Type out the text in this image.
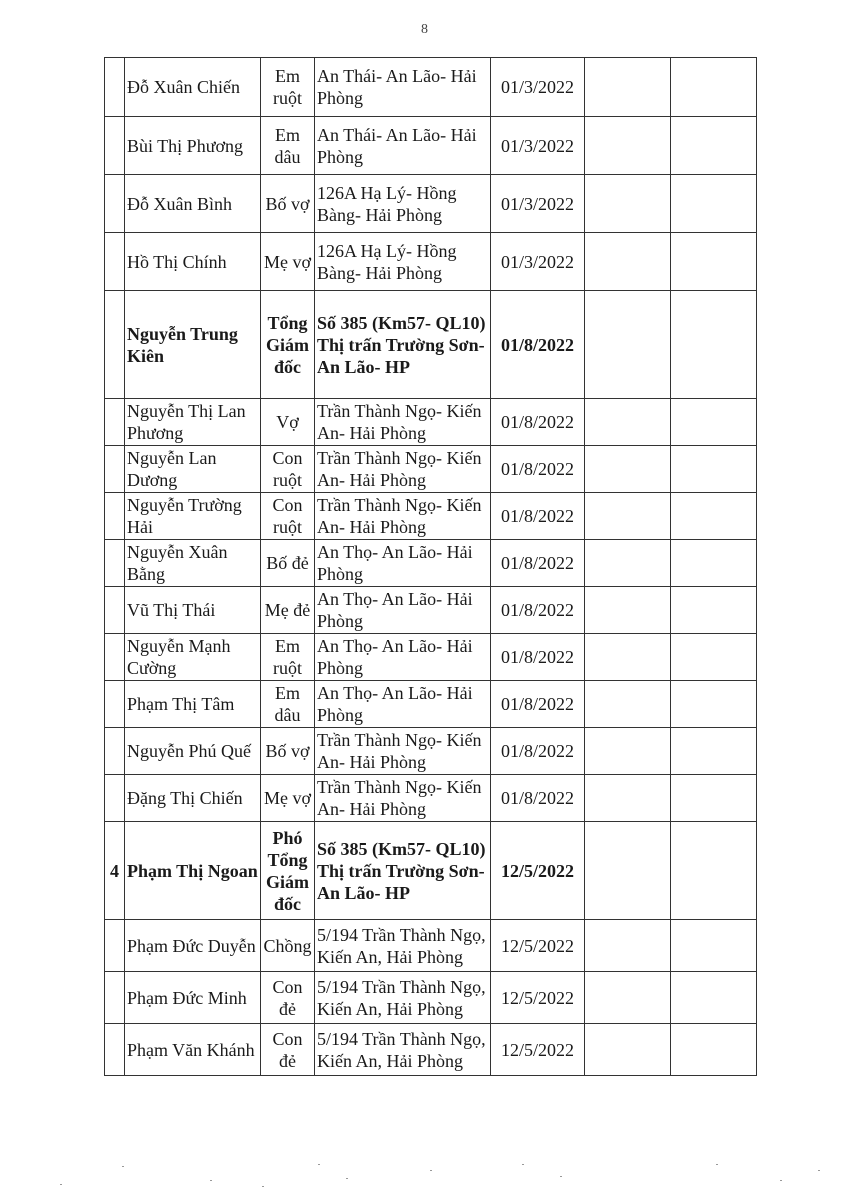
8
	Đỗ Xuân Chiến	Em ruột	An Thái- An Lão- Hải Phòng	01/3/2022		
	Bùi Thị Phương	Em dâu	An Thái- An Lão- Hải Phòng	01/3/2022		
	Đỗ Xuân Bình	Bố vợ	126A Hạ Lý- Hồng Bàng- Hải Phòng	01/3/2022		
	Hồ Thị Chính	Mẹ vợ	126A Hạ Lý- Hồng Bàng- Hải Phòng	01/3/2022		
	Nguyễn Trung Kiên	Tổng Giám đốc	Số 385 (Km57- QL10) Thị trấn Trường Sơn- An Lão- HP	01/8/2022		
	Nguyễn Thị Lan Phương	Vợ	Trần Thành Ngọ- Kiến An- Hải Phòng	01/8/2022		
	Nguyễn Lan Dương	Con ruột	Trần Thành Ngọ- Kiến An- Hải Phòng	01/8/2022		
	Nguyễn Trường Hải	Con ruột	Trần Thành Ngọ- Kiến An- Hải Phòng	01/8/2022		
	Nguyễn Xuân Bằng	Bố đẻ	An Thọ- An Lão- Hải Phòng	01/8/2022		
	Vũ Thị Thái	Mẹ đẻ	An Thọ- An Lão- Hải Phòng	01/8/2022		
	Nguyễn Mạnh Cường	Em ruột	An Thọ- An Lão- Hải Phòng	01/8/2022		
	Phạm Thị Tâm	Em dâu	An Thọ- An Lão- Hải Phòng	01/8/2022		
	Nguyễn Phú Quế	Bố vợ	Trần Thành Ngọ- Kiến An- Hải Phòng	01/8/2022		
	Đặng Thị Chiến	Mẹ vợ	Trần Thành Ngọ- Kiến An- Hải Phòng	01/8/2022		
4	Phạm Thị Ngoan	Phó Tổng Giám đốc	Số 385 (Km57- QL10) Thị trấn Trường Sơn- An Lão- HP	12/5/2022		
	Phạm Đức Duyễn	Chồng	5/194 Trần Thành Ngọ, Kiến An, Hải Phòng	12/5/2022		
	Phạm Đức Minh	Con đẻ	5/194 Trần Thành Ngọ, Kiến An, Hải Phòng	12/5/2022		
	Phạm Văn Khánh	Con đẻ	5/194 Trần Thành Ngọ, Kiến An, Hải Phòng	12/5/2022		
